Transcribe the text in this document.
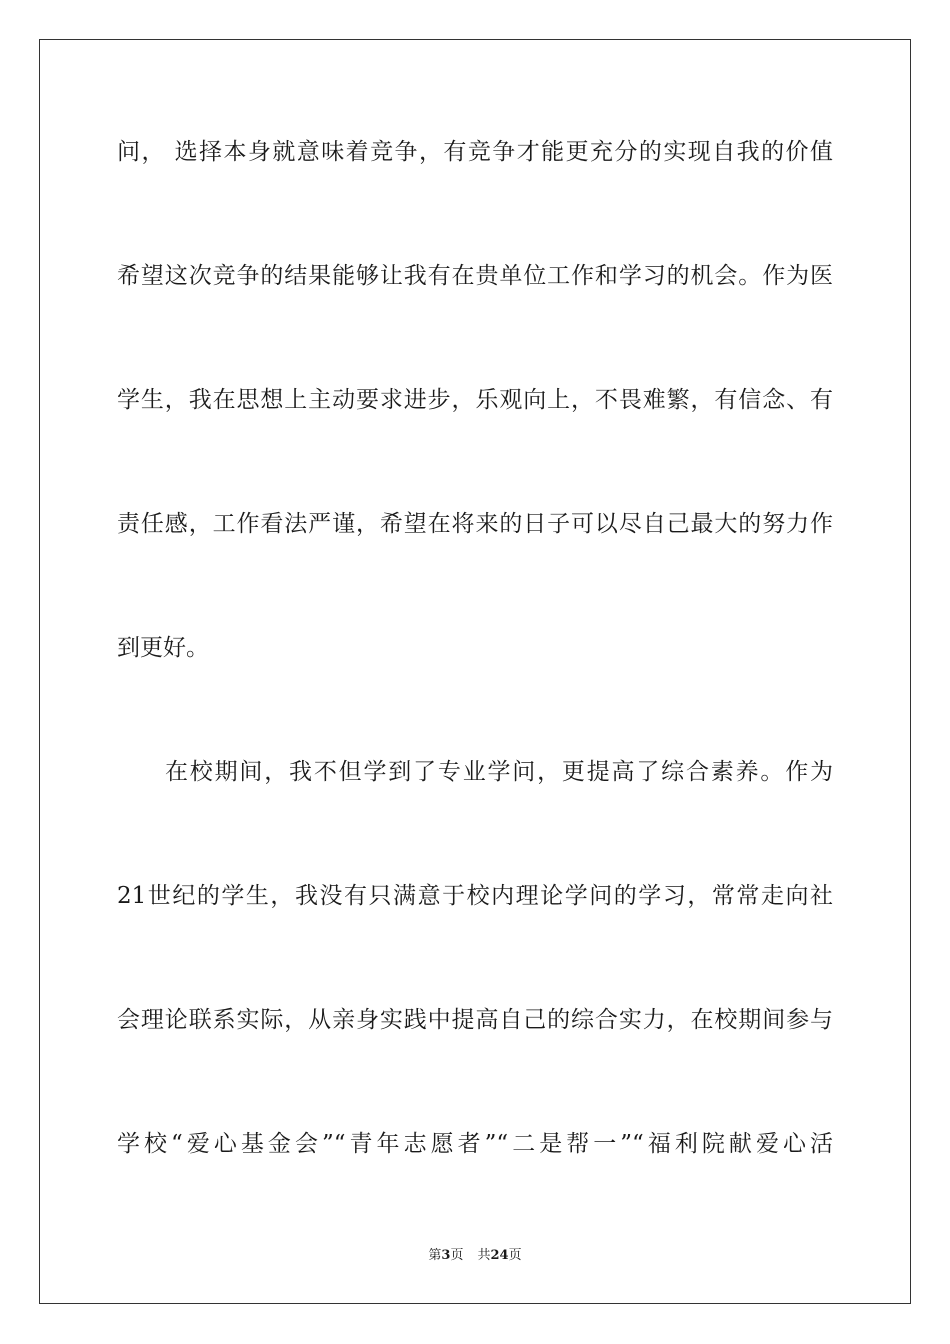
问， 选择本身就意味着竞争，有竞争才能更充分的实现自我的价值
希望这次竞争的结果能够让我有在贵单位工作和学习的机会。作为医
学生，我在思想上主动要求进步，乐观向上，不畏难繁，有信念、有
责任感，工作看法严谨，希望在将来的日子可以尽自己最大的努力作
到更好。
在校期间，我不但学到了专业学问，更提高了综合素养。作为
21世纪的学生，我没有只满意于校内理论学问的学习，常常走向社
会理论联系实际，从亲身实践中提高自己的综合实力，在校期间参与
学校“爱心基金会”“青年志愿者”“二是帮一”“福利院献爱心活
第3页 共24页
